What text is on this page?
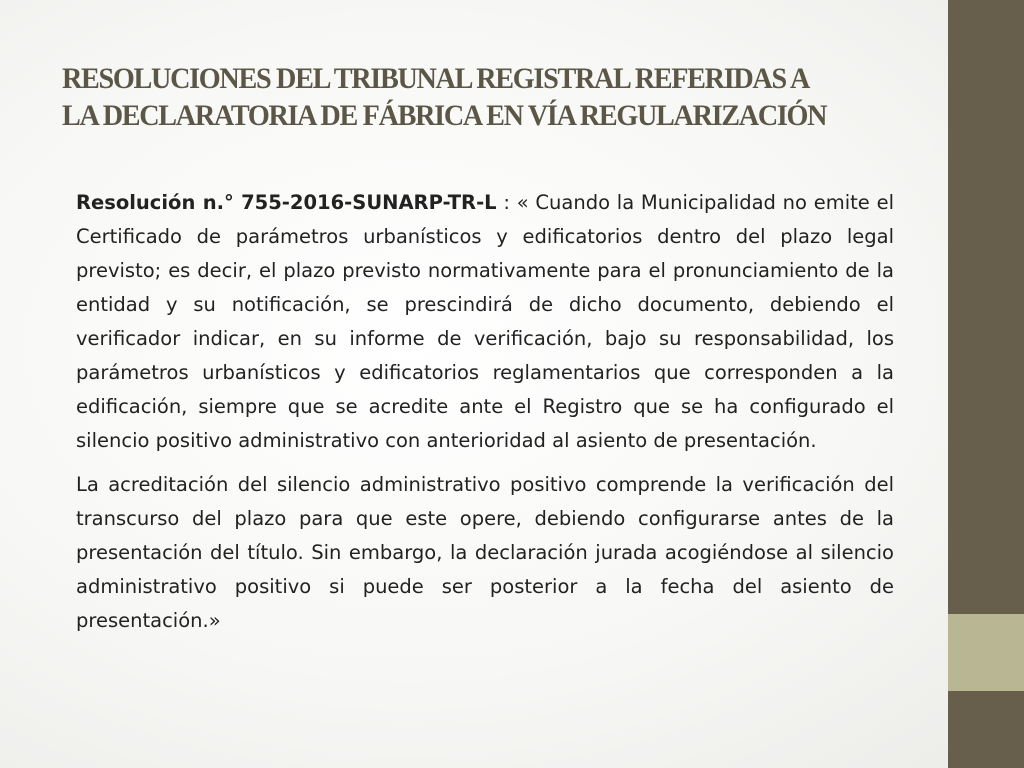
RESOLUCIONES DEL TRIBUNAL REGISTRAL REFERIDAS A
LA DECLARATORIA DE FÁBRICA EN VÍA REGULARIZACIÓN

Resolución n.° 755-2016-SUNARP-TR-L : « Cuando la Municipalidad no emite el Certificado de parámetros urbanísticos y edificatorios dentro del plazo legal previsto; es decir, el plazo previsto normativamente para el pronunciamiento de la entidad y su notificación, se prescindirá de dicho documento, debiendo el verificador indicar, en su informe de verificación, bajo su responsabilidad, los parámetros urbanísticos y edificatorios reglamentarios que corresponden a la edificación, siempre que se acredite ante el Registro que se ha configurado el silencio positivo administrativo con anterioridad al asiento de presentación.

La acreditación del silencio administrativo positivo comprende la verificación del transcurso del plazo para que este opere, debiendo configurarse antes de la presentación del título. Sin embargo, la declaración jurada acogiéndose al silencio administrativo positivo si puede ser posterior a la fecha del asiento de presentación.»
